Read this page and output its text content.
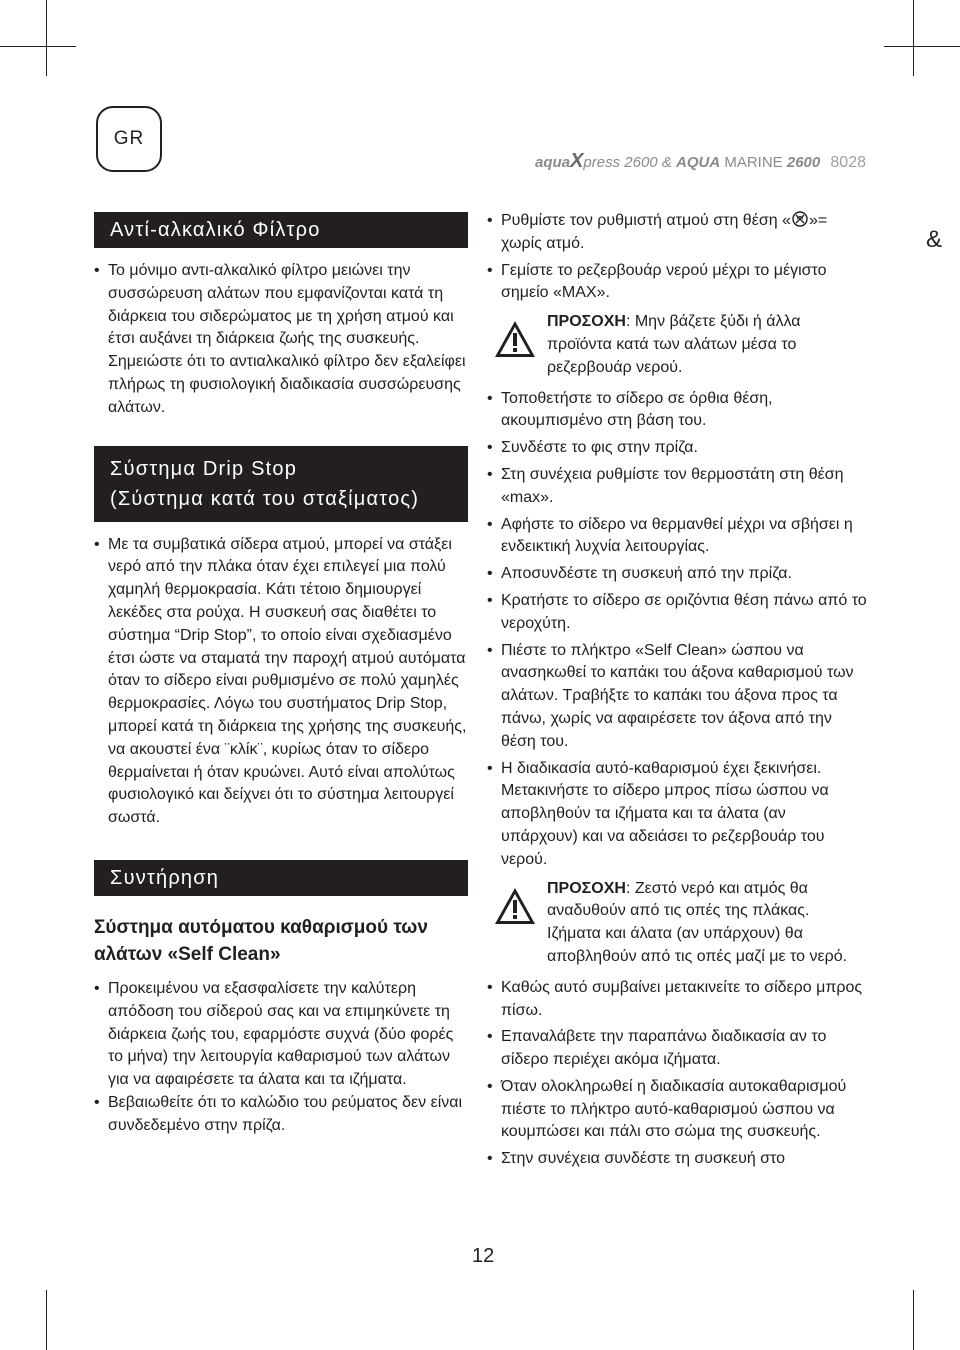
GR
aquaXpress 2600 & AQUA MARINE 2600 8028
&
Αντί-αλκαλικό Φίλτρο
• Το μόνιμο αντι-αλκαλικό φίλτρο μειώνει την συσσώρευση αλάτων που εμφανίζονται κατά τη διάρκεια του σιδερώματος με τη χρήση ατμού και έτσι αυξάνει τη διάρκεια ζωής της συσκευής. Σημειώστε ότι το αντιαλκαλικό φίλτρο δεν εξαλείφει πλήρως τη φυσιολογική διαδικασία συσσώρευσης αλάτων.
Σύστημα Drip Stop
(Σύστημα κατά του σταξίματος)
• Με τα συμβατικά σίδερα ατμού, μπορεί να στάξει νερό από την πλάκα όταν έχει επιλεγεί μια πολύ χαμηλή θερμοκρασία. Κάτι τέτοιο δημιουργεί λεκέδες στα ρούχα. Η συσκευή σας διαθέτει το σύστημα “Drip Stop”, το οποίο είναι σχεδιασμένο έτσι ώστε να σταματά την παροχή ατμού αυτόματα όταν το σίδερο είναι ρυθμισμένο σε πολύ χαμηλές θερμοκρασίες. Λόγω του συστήματος Drip Stop, μπορεί κατά τη διάρκεια της χρήσης της συσκευής, να ακουστεί ένα ¨κλίκ¨, κυρίως όταν το σίδερο θερμαίνεται ή όταν κρυώνει. Αυτό είναι απολύτως φυσιολογικό και δείχνει ότι το σύστημα λειτουργεί σωστά.
Συντήρηση
Σύστημα αυτόματου καθαρισμού των αλάτων «Self Clean»
• Προκειμένου να εξασφαλίσετε την καλύτερη απόδοση του σίδερού σας και να επιμηκύνετε τη διάρκεια ζωής του, εφαρμόστε συχνά (δύο φορές το μήνα) την λειτουργία καθαρισμού των αλάτων για να αφαιρέσετε τα άλατα και τα ιζήματα.
• Βεβαιωθείτε ότι το καλώδιο του ρεύματος δεν είναι συνδεδεμένο στην πρίζα.
• Ρυθμίστε τον ρυθμιστή ατμού στη θέση « »= χωρίς ατμό.
• Γεμίστε το ρεζερβουάρ νερού μέχρι το μέγιστο σημείο «MAX».
ΠΡΟΣΟΧΗ: Μην βάζετε ξύδι ή άλλα προϊόντα κατά των αλάτων μέσα το ρεζερβουάρ νερού.
• Τοποθετήστε το σίδερο σε όρθια θέση, ακουμπισμένο στη βάση του.
• Συνδέστε το φις στην πρίζα.
• Στη συνέχεια ρυθμίστε τον θερμοστάτη στη θέση «max».
• Αφήστε το σίδερο να θερμανθεί μέχρι να σβήσει η ενδεικτική λυχνία λειτουργίας.
• Αποσυνδέστε τη συσκευή από την πρίζα.
• Κρατήστε το σίδερο σε οριζόντια θέση πάνω από το νεροχύτη.
• Πιέστε το πλήκτρο «Self Clean» ώσπου να ανασηκωθεί το καπάκι του άξονα καθαρισμού των αλάτων. Τραβήξτε το καπάκι του άξονα προς τα πάνω, χωρίς να αφαιρέσετε τον άξονα από την θέση του.
• Η διαδικασία αυτό-καθαρισμού έχει ξεκινήσει. Μετακινήστε το σίδερο μπρος πίσω ώσπου να αποβληθούν τα ιζήματα και τα άλατα (αν υπάρχουν) και να αδειάσει το ρεζερβουάρ του νερού.
ΠΡΟΣΟΧΗ: Ζεστό νερό και ατμός θα αναδυθούν από τις οπές της πλάκας. Ιζήματα και άλατα (αν υπάρχουν) θα αποβληθούν από τις οπές μαζί με το νερό.
• Καθώς αυτό συμβαίνει μετακινείτε το σίδερο μπρος πίσω.
• Επαναλάβετε την παραπάνω διαδικασία αν το σίδερο περιέχει ακόμα ιζήματα.
• Όταν ολοκληρωθεί η διαδικασία αυτοκαθαρισμού πιέστε το πλήκτρο αυτό-καθαρισμού ώσπου να κουμπώσει και πάλι στο σώμα της συσκευής.
• Στην συνέχεια συνδέστε τη συσκευή στο
12
